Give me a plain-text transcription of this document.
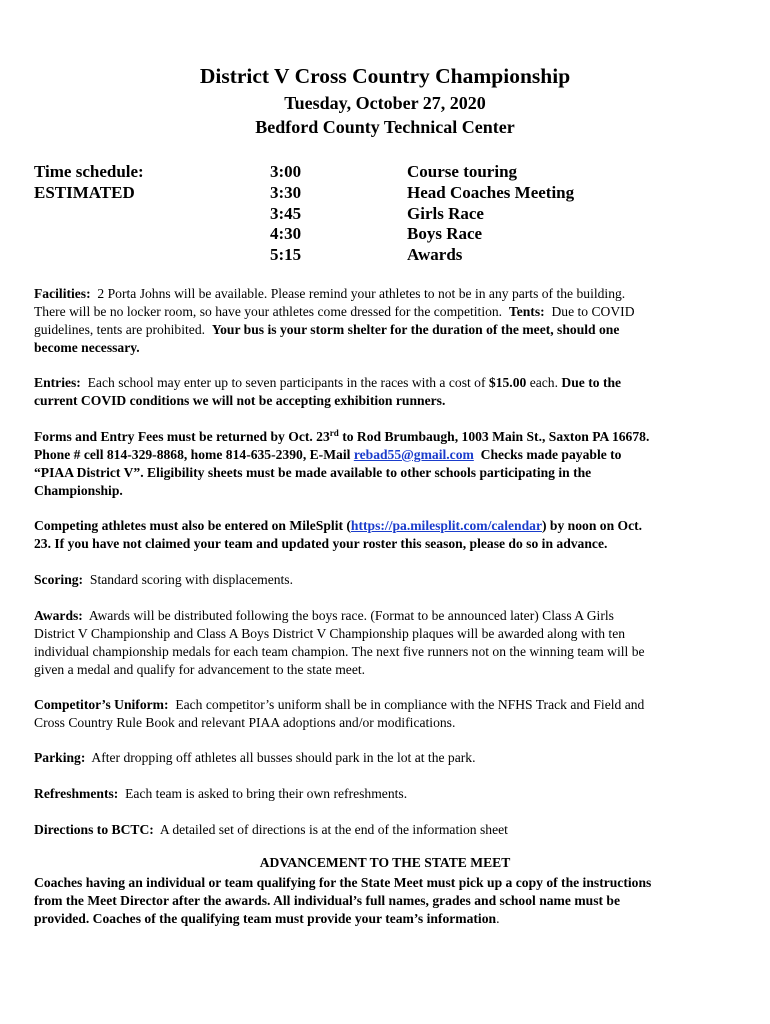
District V Cross Country Championship
Tuesday, October 27, 2020
Bedford County Technical Center
Time schedule:
ESTIMATED
3:00
3:30
3:45
4:30
5:15
Course touring
Head Coaches Meeting
Girls Race
Boys Race
Awards
Facilities: 2 Porta Johns will be available. Please remind your athletes to not be in any parts of the building.
There will be no locker room, so have your athletes come dressed for the competition. Tents: Due to COVID
guidelines, tents are prohibited. Your bus is your storm shelter for the duration of the meet, should one
become necessary.
Entries: Each school may enter up to seven participants in the races with a cost of $15.00 each. Due to the
current COVID conditions we will not be accepting exhibition runners.
Forms and Entry Fees must be returned by Oct. 23rd to Rod Brumbaugh, 1003 Main St., Saxton PA 16678.
Phone # cell 814-329-8868, home 814-635-2390, E-Mail rebad55@gmail.com Checks made payable to
“PIAA District V”. Eligibility sheets must be made available to other schools participating in the
Championship.
Competing athletes must also be entered on MileSplit (https://pa.milesplit.com/calendar) by noon on Oct.
23. If you have not claimed your team and updated your roster this season, please do so in advance.
Scoring: Standard scoring with displacements.
Awards: Awards will be distributed following the boys race. (Format to be announced later) Class A Girls
District V Championship and Class A Boys District V Championship plaques will be awarded along with ten
individual championship medals for each team champion. The next five runners not on the winning team will be
given a medal and qualify for advancement to the state meet.
Competitor’s Uniform: Each competitor’s uniform shall be in compliance with the NFHS Track and Field and
Cross Country Rule Book and relevant PIAA adoptions and/or modifications.
Parking: After dropping off athletes all busses should park in the lot at the park.
Refreshments: Each team is asked to bring their own refreshments.
Directions to BCTC: A detailed set of directions is at the end of the information sheet
ADVANCEMENT TO THE STATE MEET
Coaches having an individual or team qualifying for the State Meet must pick up a copy of the instructions
from the Meet Director after the awards. All individual’s full names, grades and school name must be
provided. Coaches of the qualifying team must provide your team’s information.
